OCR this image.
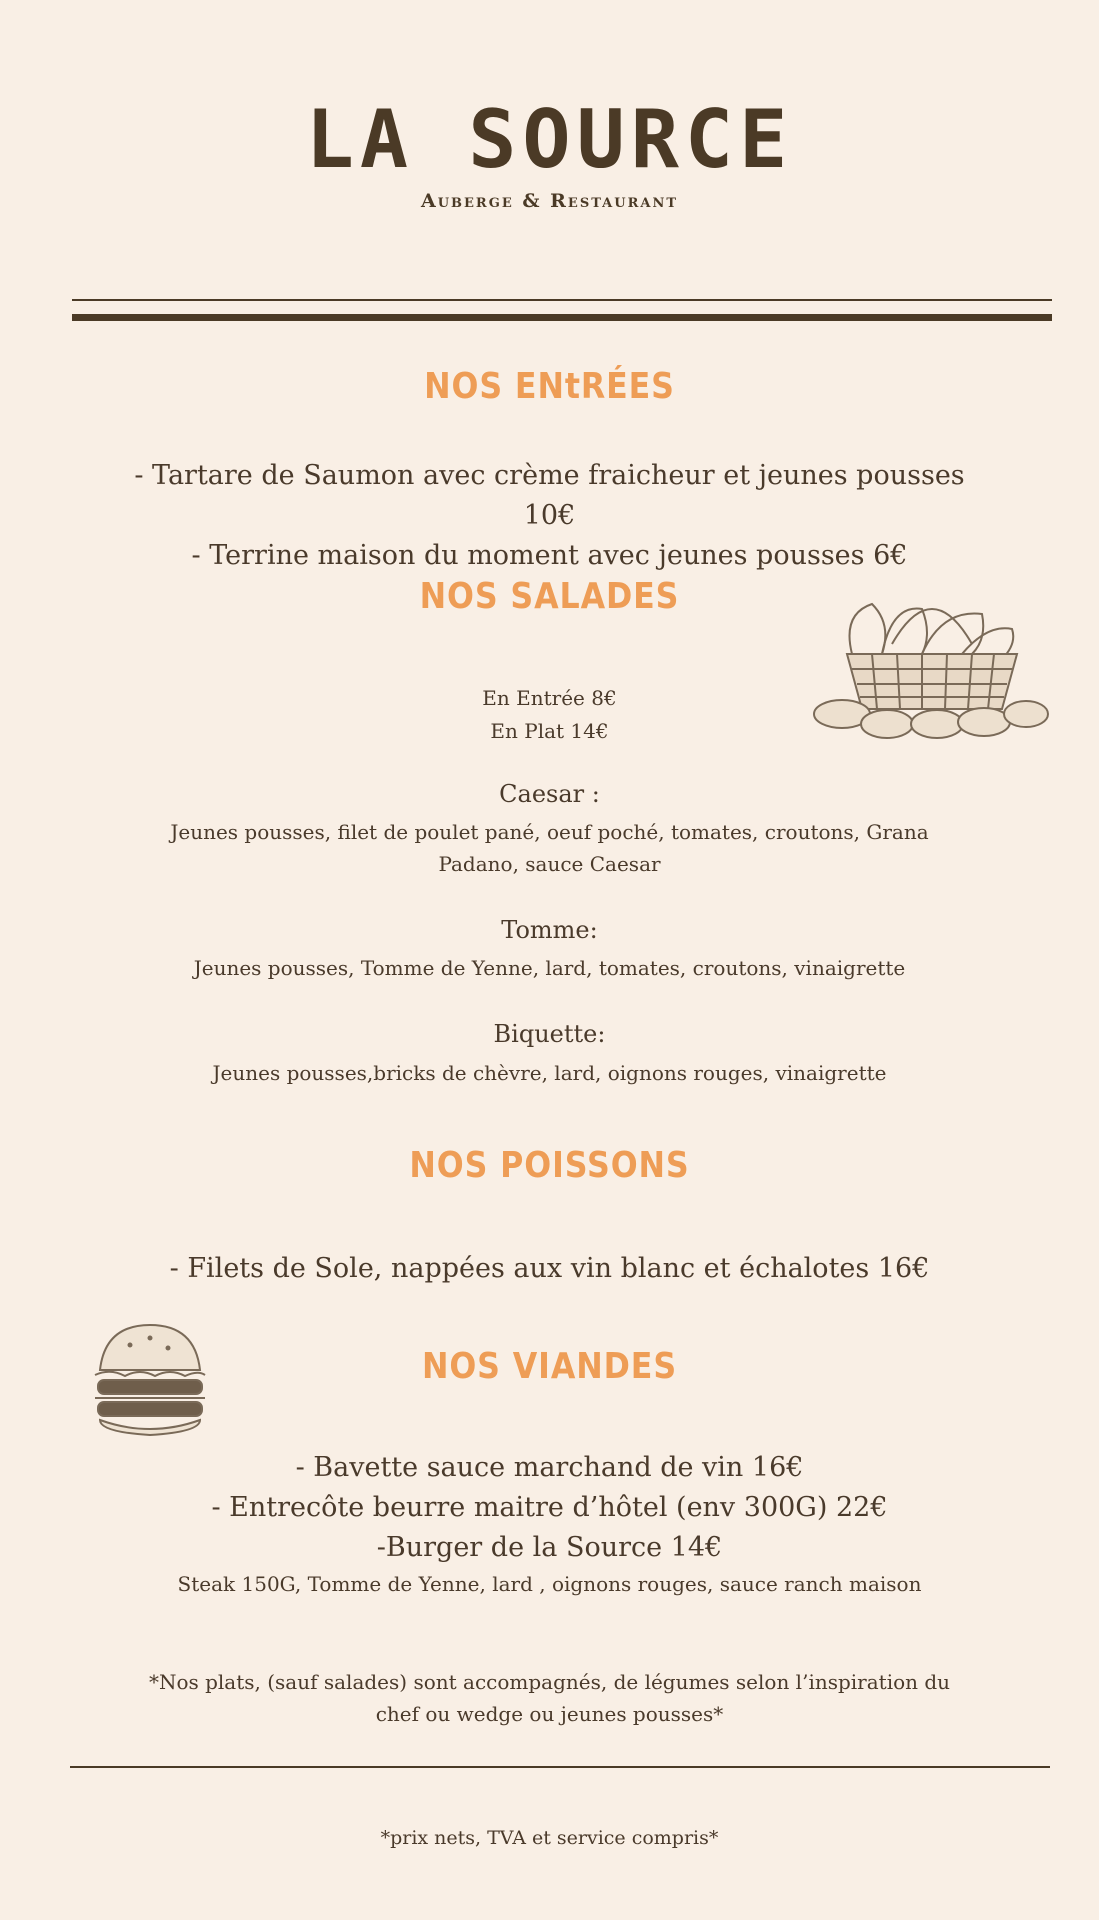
LA SOURCE
Auberge & Restaurant
NOS ENtRÉES
- Tartare de Saumon avec crème fraicheur et jeunes pousses
10€
- Terrine maison du moment avec jeunes pousses 6€
NOS SALADES
En Entrée 8€
En Plat 14€
Caesar :
Jeunes pousses, filet de poulet pané, oeuf poché, tomates, croutons, Grana
Padano, sauce Caesar
Tomme:
Jeunes pousses, Tomme de Yenne, lard, tomates, croutons, vinaigrette
Biquette:
Jeunes pousses,bricks de chèvre, lard, oignons rouges, vinaigrette
NOS POISSONS
- Filets de Sole, nappées aux vin blanc et échalotes 16€
NOS VIANDES
- Bavette sauce marchand de vin 16€
- Entrecôte beurre maitre d’hôtel (env 300G) 22€
-Burger de la Source 14€
Steak 150G, Tomme de Yenne, lard , oignons rouges, sauce ranch maison
*Nos plats, (sauf salades) sont accompagnés, de légumes selon l’inspiration du
chef ou wedge ou jeunes pousses*
*prix nets, TVA et service compris*
